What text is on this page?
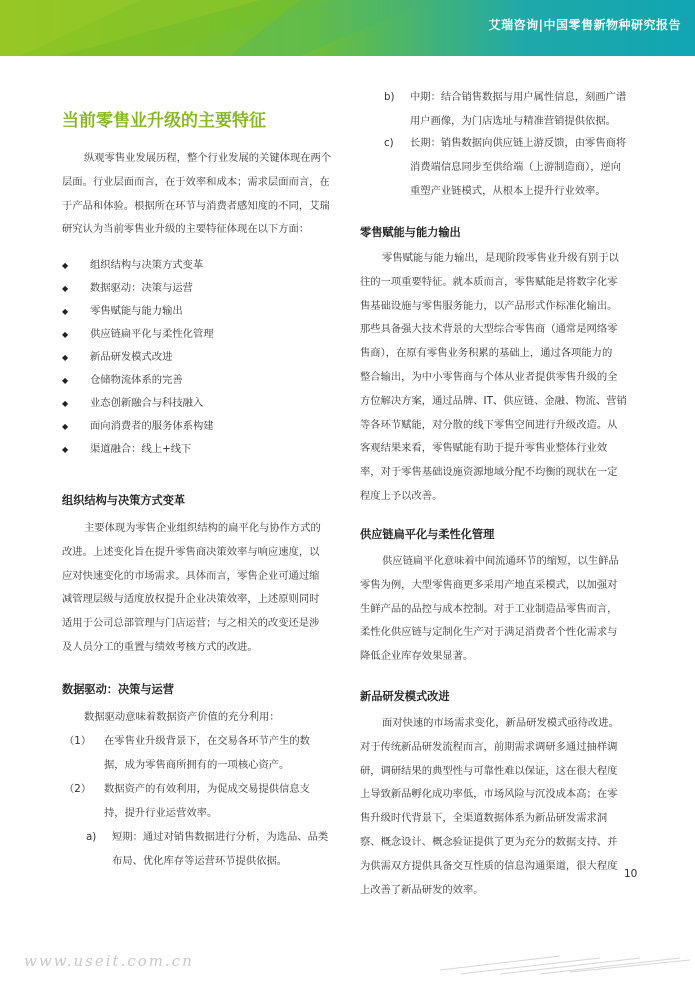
艾瑞咨询|中国零售新物种研究报告
当前零售业升级的主要特征
纵观零售业发展历程，整个行业发展的关键体现在两个
层面。行业层面而言，在于效率和成本；需求层面而言，在
于产品和体验。根据所在环节与消费者感知度的不同，艾瑞
研究认为当前零售业升级的主要特征体现在以下方面：
◆ 组织结构与决策方式变革
◆ 数据驱动：决策与运营
◆ 零售赋能与能力输出
◆ 供应链扁平化与柔性化管理
◆ 新品研发模式改进
◆ 仓储物流体系的完善
◆ 业态创新融合与科技融入
◆ 面向消费者的服务体系构建
◆ 渠道融合：线上+线下
组织结构与决策方式变革
主要体现为零售企业组织结构的扁平化与协作方式的
改进。上述变化旨在提升零售商决策效率与响应速度，以
应对快速变化的市场需求。具体而言，零售企业可通过缩
减管理层级与适度放权提升企业决策效率，上述原则同时
适用于公司总部管理与门店运营；与之相关的改变还是涉
及人员分工的重置与绩效考核方式的改进。
数据驱动：决策与运营
数据驱动意味着数据资产价值的充分利用：
（1） 在零售业升级背景下，在交易各环节产生的数
据，成为零售商所拥有的一项核心资产。
（2） 数据资产的有效利用，为促成交易提供信息支
持，提升行业运营效率。
a) 短期：通过对销售数据进行分析，为选品、品类
布局、优化库存等运营环节提供依据。
b) 中期：结合销售数据与用户属性信息，刻画广谱
用户画像，为门店选址与精准营销提供依据。
c) 长期：销售数据向供应链上游反馈，由零售商将
消费端信息同步至供给端（上游制造商），逆向
重塑产业链模式，从根本上提升行业效率。
零售赋能与能力输出
零售赋能与能力输出，是现阶段零售业升级有别于以
往的一项重要特征。就本质而言，零售赋能是将数字化零
售基础设施与零售服务能力，以产品形式作标准化输出。
那些具备强大技术背景的大型综合零售商（通常是网络零
售商），在原有零售业务积累的基础上，通过各项能力的
整合输出，为中小零售商与个体从业者提供零售升级的全
方位解决方案，通过品牌、IT、供应链、金融、物流、营销
等各环节赋能，对分散的线下零售空间进行升级改造。从
客观结果来看，零售赋能有助于提升零售业整体行业效
率，对于零售基础设施资源地域分配不均衡的现状在一定
程度上予以改善。
供应链扁平化与柔性化管理
供应链扁平化意味着中间流通环节的缩短，以生鲜品
零售为例，大型零售商更多采用产地直采模式，以加强对
生鲜产品的品控与成本控制。对于工业制造品零售而言，
柔性化供应链与定制化生产对于满足消费者个性化需求与
降低企业库存效果显著。
新品研发模式改进
面对快速的市场需求变化，新品研发模式亟待改进。
对于传统新品研发流程而言，前期需求调研多通过抽样调
研，调研结果的典型性与可靠性难以保证，这在很大程度
上导致新品孵化成功率低，市场风险与沉没成本高；在零
售升级时代背景下，全渠道数据体系为新品研发需求洞
察、概念设计、概念验证提供了更为充分的数据支持、并
为供需双方提供具备交互性质的信息沟通渠道，很大程度
上改善了新品研发的效率。
10
www.useit.com.cn
